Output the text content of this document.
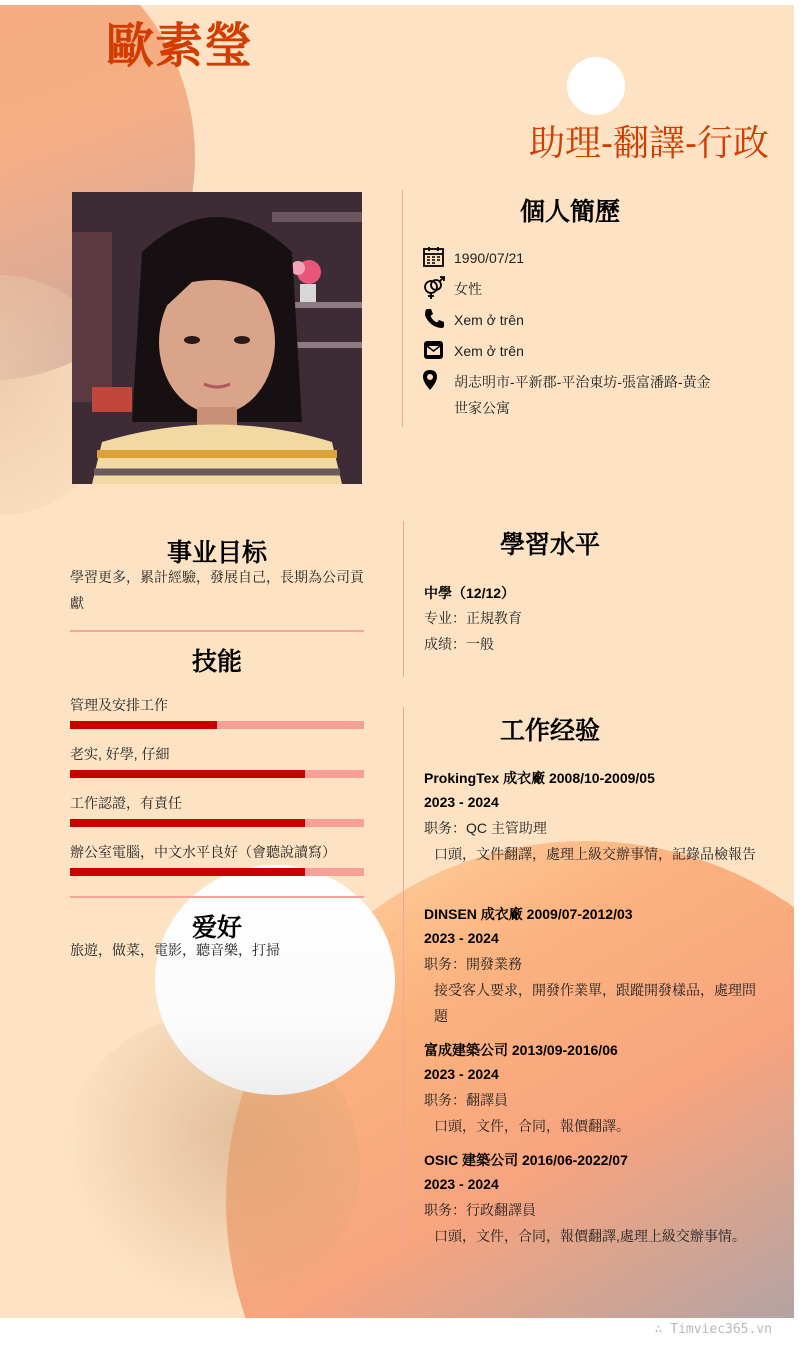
歐素瑩
助理-翻譯-行政
個人簡歷
1990/07/21
女性
Xem ở trên
Xem ở trên
胡志明市-平新郡-平治東坊-張富潘路-黃金世家公寓
事业目标
學習更多，累計經驗，發展自己，長期為公司貢獻
技能
管理及安排工作
老实, 好學, 仔細
工作認證，有責任
辦公室電腦，中文水平良好（會聽說讀寫）
爱好
旅遊，做菜，電影，聽音樂，打掃
學習水平
中學（12/12）
专业：正規教育
成绩：一般
工作经验
ProkingTex 成衣廠 2008/10-2009/05
2023 - 2024
职务：QC 主管助理
口頭，文件翻譯，處理上級交辦事情，記錄品檢報告
DINSEN 成衣廠 2009/07-2012/03
2023 - 2024
职务：開發業務
接受客人要求，開發作業單，跟蹤開發樣品，處理問題
富成建築公司 2013/09-2016/06
2023 - 2024
职务：翻譯員
口頭，文件，合同，報價翻譯。
OSIC 建築公司 2016/06-2022/07
2023 - 2024
职务：行政翻譯員
口頭，文件，合同，報價翻譯,處理上級交辦事情。
∴ Timviec365.vn
